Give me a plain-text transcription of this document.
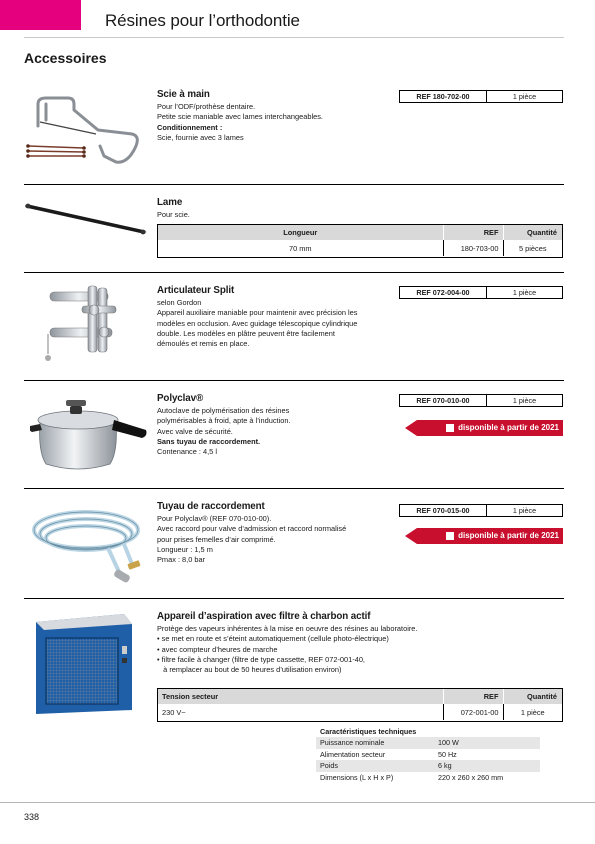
Résines pour l’orthodontie
Accessoires
Scie à main
Pour l’ODF/prothèse dentaire.
Petite scie maniable avec lames interchangeables.
Conditionnement :
Scie, fournie avec 3 lames
REF 180-702-00	1 pièce
Lame
Pour scie.
Longueur	REF	Quantité
70 mm	180-703-00	5 pièces
Articulateur Split
selon Gordon
Appareil auxiliaire maniable pour maintenir avec précision les
modèles en occlusion. Avec guidage télescopique cylindrique
double. Les modèles en plâtre peuvent être facilement
démoulés et remis en place.
REF 072-004-00	1 pièce
Polyclav®
Autoclave de polymérisation des résines
polymérisables à froid, apte à l’induction.
Avec valve de sécurité.
Sans tuyau de raccordement.
Contenance : 4,5 l
REF 070-010-00	1 pièce
disponible à partir de 2021
Tuyau de raccordement
Pour Polyclav® (REF 070-010-00).
Avec raccord pour valve d’admission et raccord normalisé
pour prises femelles d’air comprimé.
Longueur : 1,5 m
Pmax : 8,0 bar
REF 070-015-00	1 pièce
disponible à partir de 2021
Appareil d’aspiration avec filtre à charbon actif
Protège des vapeurs inhérentes à la mise en oeuvre des résines au laboratoire.
• se met en route et s’éteint automatiquement (cellule photo-électrique)
• avec compteur d’heures de marche
• filtre facile à changer (filtre de type cassette, REF 072-001-40,
à remplacer au bout de 50 heures d’utilisation environ)
Tension secteur	REF	Quantité
230 V~	072-001-00	1 pièce
Caractéristiques techniques
Puissance nominale	100 W
Alimentation secteur	50 Hz
Poids	6 kg
Dimensions (L x H x P)	220 x 260 x 260 mm
338
